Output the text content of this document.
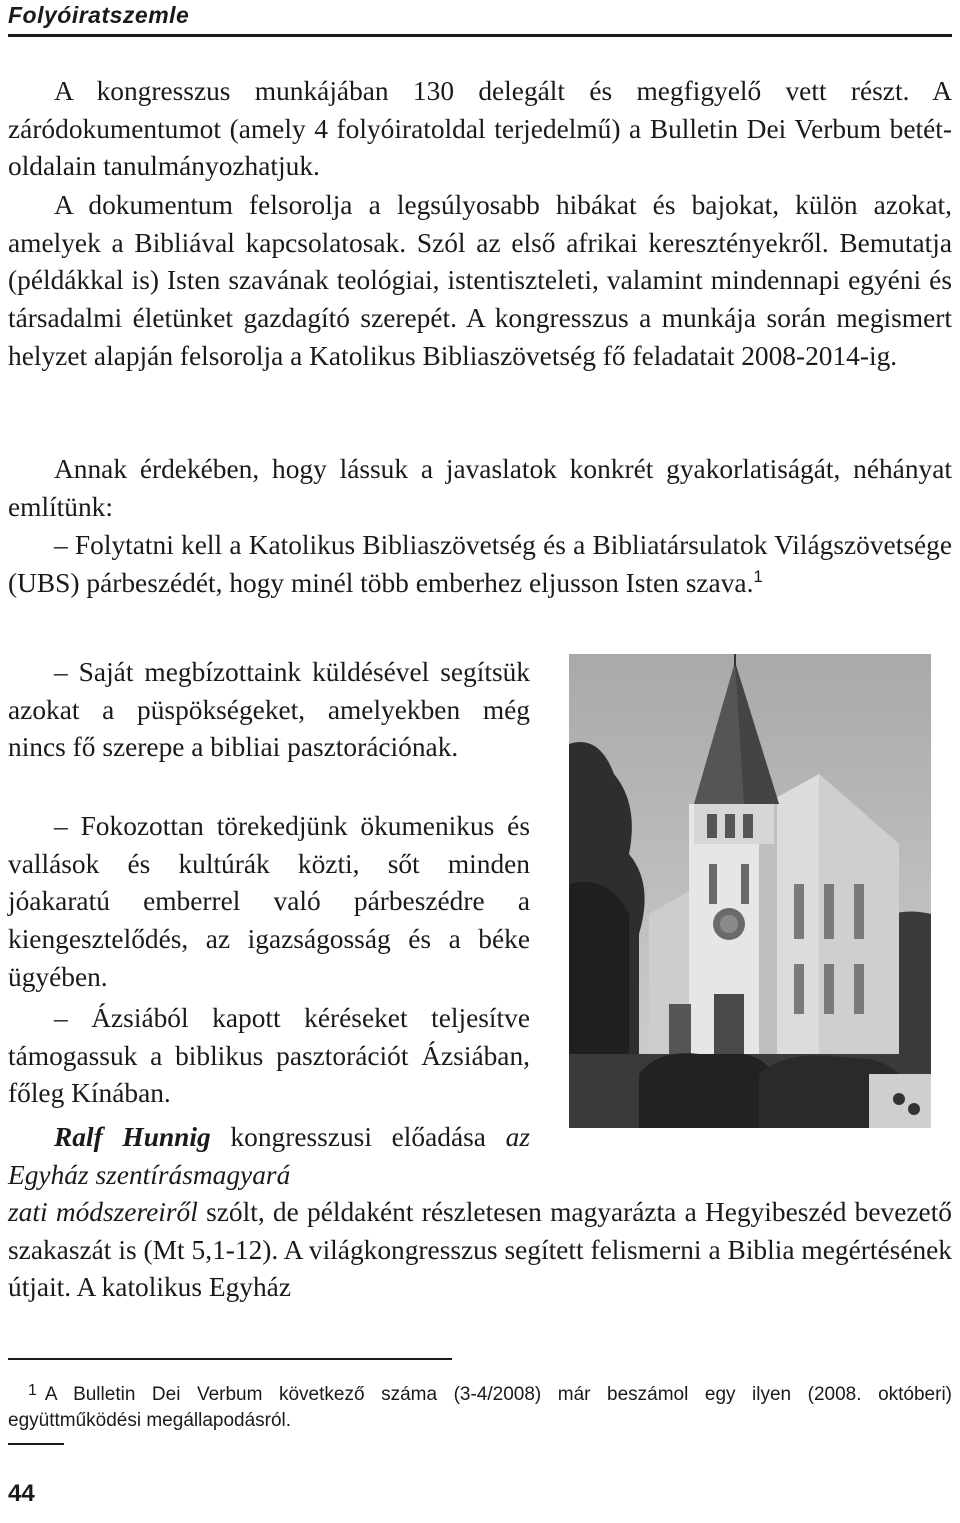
Folyóiratszemle

A kongresszus munkájában 130 delegált és megfigyelő vett részt. A záródokumentumot (amely 4 folyóiratoldal terjedelmű) a Bulletin Dei Verbum betét-oldalain tanulmányozhatjuk.

A dokumentum felsorolja a legsúlyosabb hibákat és bajokat, külön azokat, amelyek a Bibliával kapcsolatosak. Szól az első afrikai keresztényekről. Bemutatja (példákkal is) Isten szavának teológiai, istentiszteleti, valamint mindennapi egyéni és társadalmi életünket gazdagító szerepét. A kongresszus a munkája során megismert helyzet alapján felsorolja a Katolikus Bibliaszövetség fő feladatait 2008-2014-ig.

Annak érdekében, hogy lássuk a javaslatok konkrét gyakorlatiságát, néhányat említünk:

– Folytatni kell a Katolikus Bibliaszövetség és a Bibliatársulatok Világszövetsége (UBS) párbeszédét, hogy minél több emberhez eljusson Isten szava.$^1$

– Saját megbízottaink küldésével segítsük azokat a püspökségeket, amelyekben még nincs fő szerepe a bibliai pasztorációnak.

– Fokozottan törekedjünk ökumenikus és vallások és kultúrák közti, sőt minden jóakaratú emberrel való párbeszédre a kiengesztelődés, az igazságosság és a béke ügyében.

– Ázsiából kapott kéréseket teljesítve támogassuk a biblikus pasztorációt Ázsiában, főleg Kínában.

Ralf Hunnig kongresszusi előadása az Egyház szentírásmagyará

zati módszereiről szólt, de példaként részletesen magyarázta a Hegyibeszéd bevezető szakaszát is (Mt 5,1-12). A világkongresszus segített felismerni a Biblia megértésének útjait. A katolikus Egyház

$^1$ A Bulletin Dei Verbum következő száma (3-4/2008) már beszámol egy ilyen (2008. októberi) együttműködési megállapodásról.

44
